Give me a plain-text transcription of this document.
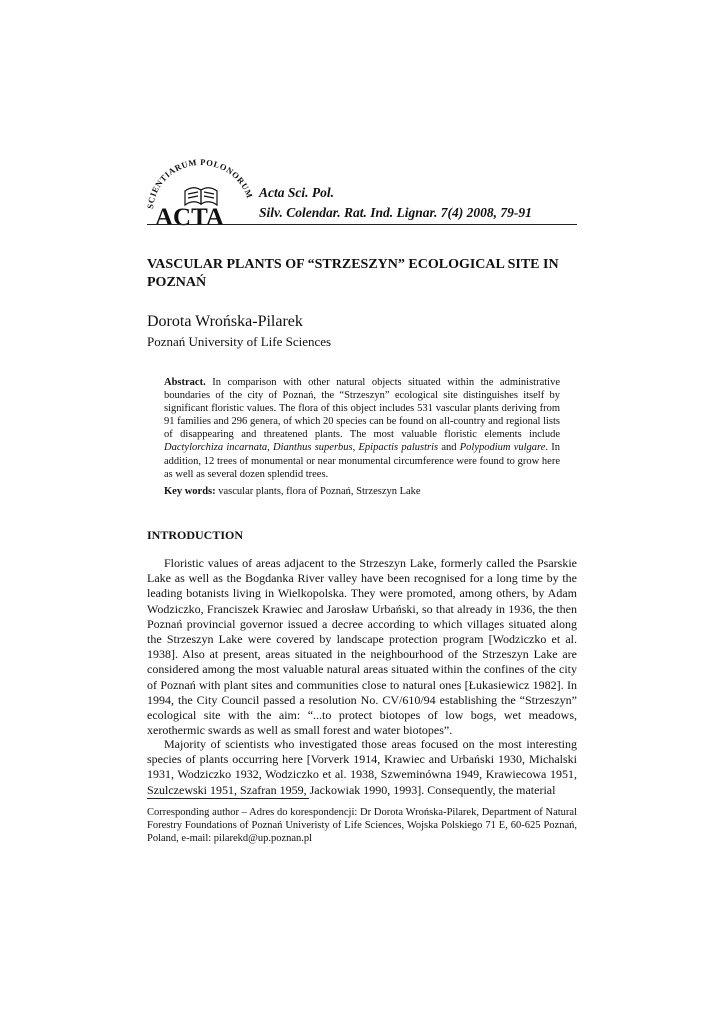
SCIENTIARUM POLONORUM
ACTA
Acta Sci. Pol.
Silv. Colendar. Rat. Ind. Lignar. 7(4) 2008, 79-91
VASCULAR PLANTS OF “STRZESZYN” ECOLOGICAL SITE IN POZNAŃ
Dorota Wrońska-Pilarek
Poznań University of Life Sciences

Abstract. In comparison with other natural objects situated within the administrative boundaries of the city of Poznań, the “Strzeszyn” ecological site distinguishes itself by significant floristic values. The flora of this object includes 531 vascular plants deriving from 91 families and 296 genera, of which 20 species can be found on all-country and regional lists of disappearing and threatened plants. The most valuable floristic elements include Dactylorchiza incarnata, Dianthus superbus, Epipactis palustris and Polypodium vulgare. In addition, 12 trees of monumental or near monumental circumference were found to grow here as well as several dozen splendid trees.

Key words: vascular plants, flora of Poznań, Strzeszyn Lake

INTRODUCTION

Floristic values of areas adjacent to the Strzeszyn Lake, formerly called the Psarskie Lake as well as the Bogdanka River valley have been recognised for a long time by the leading botanists living in Wielkopolska. They were promoted, among others, by Adam Wodziczko, Franciszek Krawiec and Jarosław Urbański, so that already in 1936, the then Poznań provincial governor issued a decree according to which villages situated along the Strzeszyn Lake were covered by landscape protection program [Wodziczko et al. 1938]. Also at present, areas situated in the neighbourhood of the Strzeszyn Lake are considered among the most valuable natural areas situated within the confines of the city of Poznań with plant sites and communities close to natural ones [Łukasiewicz 1982]. In 1994, the City Council passed a resolution No. CV/610/94 establishing the “Strzeszyn” ecological site with the aim: “...to protect biotopes of low bogs, wet meadows, xerothermic swards as well as small forest and water biotopes”.

Majority of scientists who investigated those areas focused on the most interesting species of plants occurring here [Vorverk 1914, Krawiec and Urbański 1930, Michalski 1931, Wodziczko 1932, Wodziczko et al. 1938, Szweminówna 1949, Krawiecowa 1951, Szulczewski 1951, Szafran 1959, Jackowiak 1990, 1993]. Consequently, the material

Corresponding author – Adres do korespondencji: Dr Dorota Wrońska-Pilarek, Department of Natural Forestry Foundations of Poznań Univeristy of Life Sciences, Wojska Polskiego 71 E, 60-625 Poznań, Poland, e-mail: pilarekd@up.poznan.pl
